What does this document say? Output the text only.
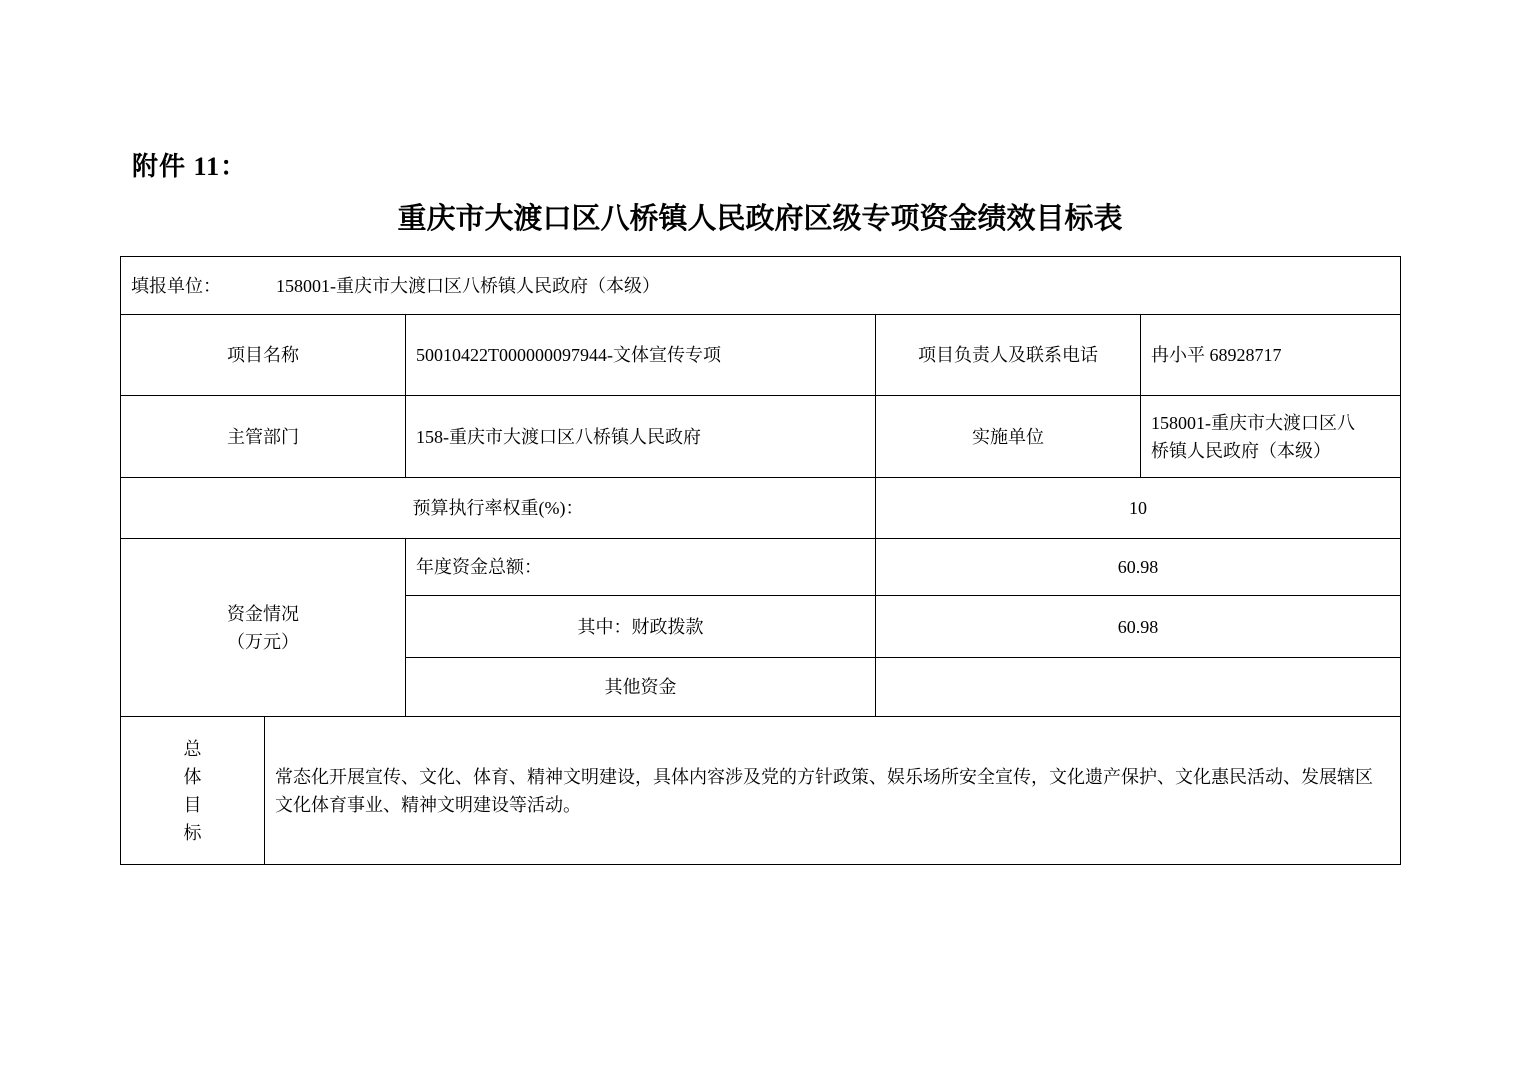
附件 11：
重庆市大渡口区八桥镇人民政府区级专项资金绩效目标表
填报单位： 158001-重庆市大渡口区八桥镇人民政府（本级）				
项目名称		50010422T000000097944-文体宣传专项	项目负责人及联系电话	冉小平 68928717
主管部门		158-重庆市大渡口区八桥镇人民政府	实施单位	158001-重庆市大渡口区八
桥镇人民政府（本级）

预算执行率权重(%)：			10	

资金情况
（万元）		年度资金总额：	60.98	
		其中：财政拨款	60.98	
		其他资金		

总
体
目
标	常态化开展宣传、文化、体育、精神文明建设，具体内容涉及党的方针政策、娱乐场所安全宣传，文化遗产保护、文化惠民活动、发展辖区文化体育事业、精神文明建设等活动。			
